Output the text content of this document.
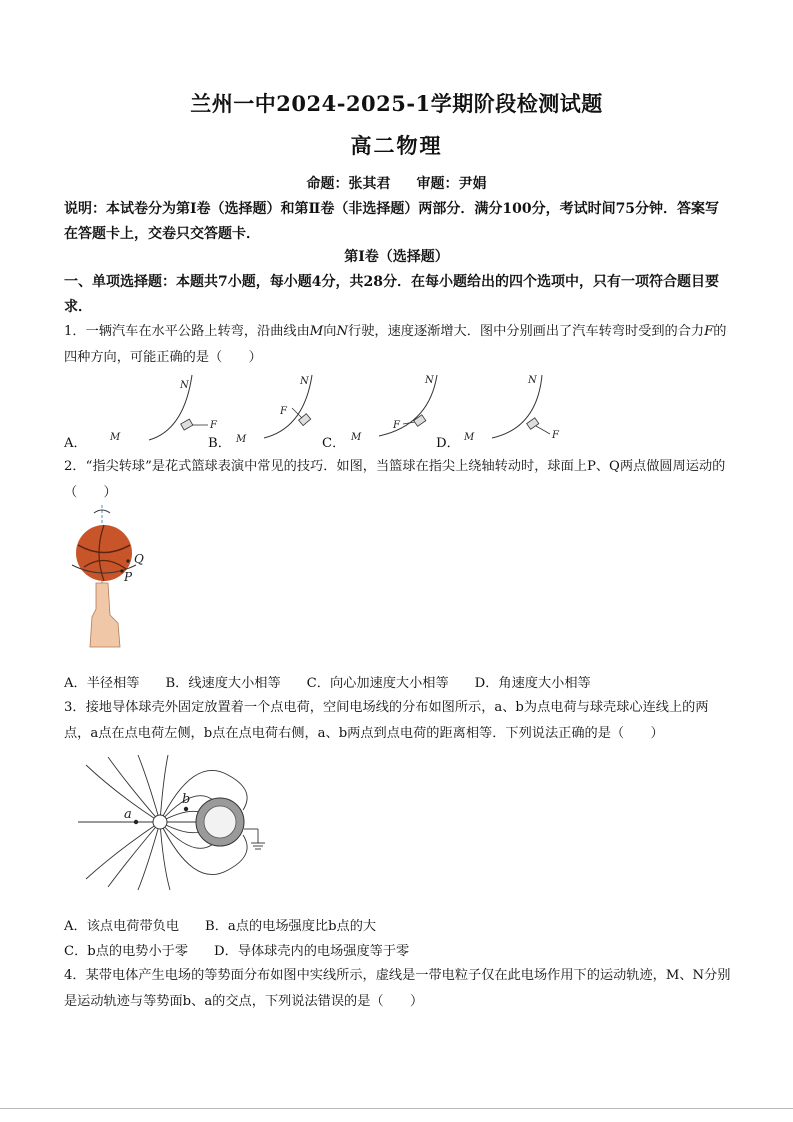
兰州一中2024-2025-1学期阶段检测试题
高二物理
命题：张其君 审题：尹娟
说明：本试卷分为第Ⅰ卷（选择题）和第Ⅱ卷（非选择题）两部分．满分100分，考试时间75分钟．答案写在答题卡上，交卷只交答题卡．
第Ⅰ卷（选择题）
一、单项选择题：本题共7小题，每小题4分，共28分．在每小题给出的四个选项中，只有一项符合题目要求．
1．一辆汽车在水平公路上转弯，沿曲线由M向N行驶，速度逐渐增大．图中分别画出了汽车转弯时受到的合力F的四种方向，可能正确的是（　　）
A．
N
M
F
B．
N
M
F
C．
N
M
F
D．
N
M	F
2．“指尖转球”是花式篮球表演中常见的技巧．如图，当篮球在指尖上绕轴转动时，球面上P、Q两点做圆周运动的（　　）
Q
P
A．半径相等 B．线速度大小相等 C．向心加速度大小相等 D．角速度大小相等
3．接地导体球壳外固定放置着一个点电荷，空间电场线的分布如图所示，a、b为点电荷与球壳球心连线上的两点，a点在点电荷左侧，b点在点电荷右侧，a、b两点到点电荷的距离相等．下列说法正确的是（　　）
a
b
A．该点电荷带负电 B．a点的电场强度比b点的大
C．b点的电势小于零 D．导体球壳内的电场强度等于零
4．某带电体产生电场的等势面分布如图中实线所示，虚线是一带电粒子仅在此电场作用下的运动轨迹，M、N分别是运动轨迹与等势面b、a的交点，下列说法错误的是（　　）
